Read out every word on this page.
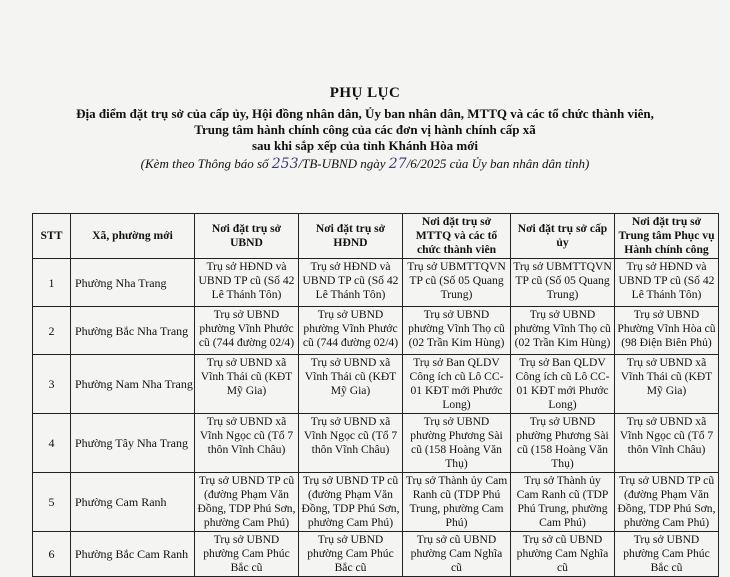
PHỤ LỤC
Địa điểm đặt trụ sở của cấp ủy, Hội đồng nhân dân, Ủy ban nhân dân, MTTQ và các tổ chức thành viên,
Trung tâm hành chính công của các đơn vị hành chính cấp xã
sau khi sắp xếp của tỉnh Khánh Hòa mới
(Kèm theo Thông báo số 253/TB-UBND ngày 27/6/2025 của Ủy ban nhân dân tỉnh)
STT	Xã, phường mới	Nơi đặt trụ sở UBND	Nơi đặt trụ sở HĐND	Nơi đặt trụ sở MTTQ và các tổ chức thành viên	Nơi đặt trụ sở cấp ủy	Nơi đặt trụ sở Trung tâm Phục vụ Hành chính công
1	Phường Nha Trang	Trụ sở HĐND và UBND TP cũ (Số 42 Lê Thánh Tôn)	Trụ sở HĐND và UBND TP cũ (Số 42 Lê Thánh Tôn)	Trụ sở UBMTTQVN TP cũ (Số 05 Quang Trung)	Trụ sở UBMTTQVN TP cũ (Số 05 Quang Trung)	Trụ sở HĐND và UBND TP cũ (Số 42 Lê Thánh Tôn)
2	Phường Bắc Nha Trang	Trụ sở UBND phường Vĩnh Phước cũ (744 đường 02/4)	Trụ sở UBND phường Vĩnh Phước cũ (744 đường 02/4)	Trụ sở UBND phường Vĩnh Thọ cũ (02 Trần Kim Hùng)	Trụ sở UBND phường Vĩnh Thọ cũ (02 Trần Kim Hùng)	Trụ sở UBND Phường Vĩnh Hòa cũ (98 Điện Biên Phủ)
3	Phường Nam Nha Trang	Trụ sở UBND xã Vĩnh Thái cũ (KĐT Mỹ Gia)	Trụ sở UBND xã Vĩnh Thái cũ (KĐT Mỹ Gia)	Trụ sở Ban QLDV Công ích cũ Lô CC-01 KĐT mới Phước Long)	Trụ sở Ban QLDV Công ích cũ Lô CC-01 KĐT mới Phước Long)	Trụ sở UBND xã Vĩnh Thái cũ (KĐT Mỹ Gia)
4	Phường Tây Nha Trang	Trụ sở UBND xã Vĩnh Ngọc cũ (Tổ 7 thôn Vĩnh Châu)	Trụ sở UBND xã Vĩnh Ngọc cũ (Tổ 7 thôn Vĩnh Châu)	Trụ sở UBND phường Phương Sài cũ (158 Hoàng Văn Thụ)	Trụ sở UBND phường Phương Sài cũ (158 Hoàng Văn Thụ)	Trụ sở UBND xã Vĩnh Ngọc cũ (Tổ 7 thôn Vĩnh Châu)
5	Phường Cam Ranh	Trụ sở UBND TP cũ (đường Phạm Văn Đồng, TDP Phú Sơn, phường Cam Phú)	Trụ sở UBND TP cũ (đường Phạm Văn Đồng, TDP Phú Sơn, phường Cam Phú)	Trụ sở Thành ủy Cam Ranh cũ (TDP Phú Trung, phường Cam Phú)	Trụ sở Thành ủy Cam Ranh cũ (TDP Phú Trung, phường Cam Phú)	Trụ sở UBND TP cũ (đường Phạm Văn Đồng, TDP Phú Sơn, phường Cam Phú)
6	Phường Bắc Cam Ranh	Trụ sở UBND phường Cam Phúc Bắc cũ	Trụ sở UBND phường Cam Phúc Bắc cũ	Trụ sở cũ UBND phường Cam Nghĩa cũ	Trụ sở cũ UBND phường Cam Nghĩa cũ	Trụ sở UBND phường Cam Phúc Bắc cũ
